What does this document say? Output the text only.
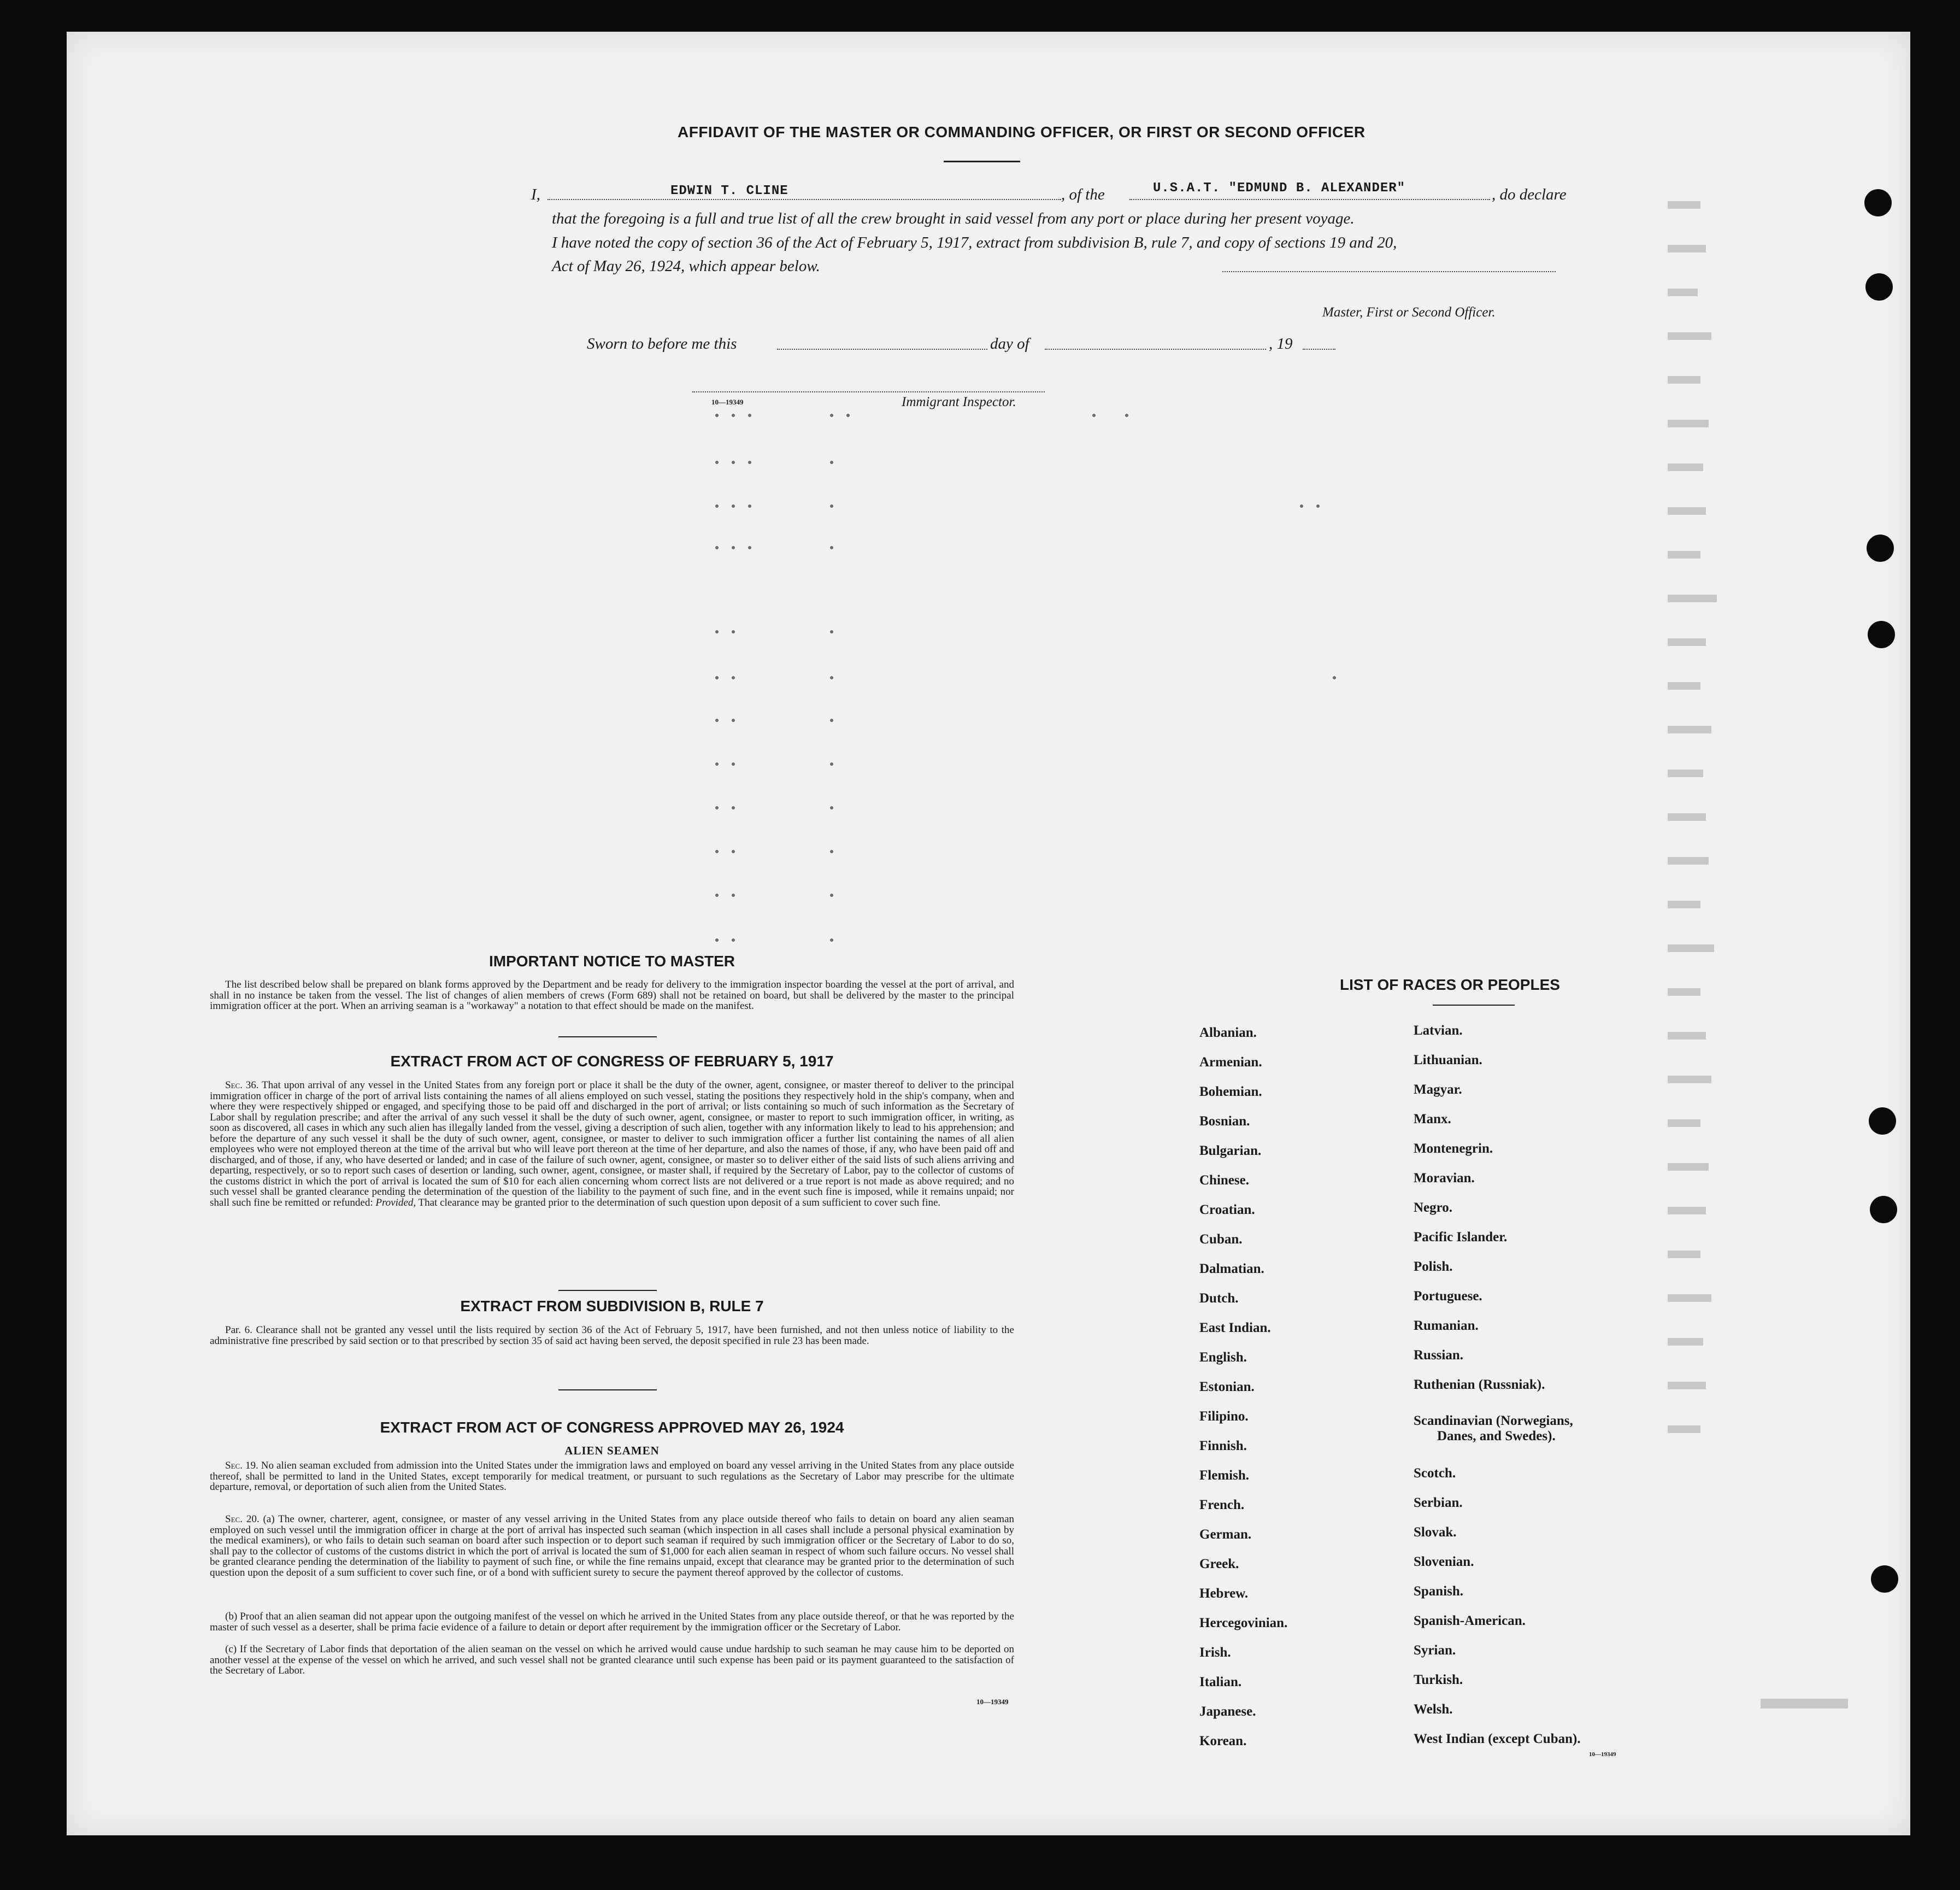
AFFIDAVIT OF THE MASTER OR COMMANDING OFFICER, OR FIRST OR SECOND OFFICER
I,	EDWIN T. CLINE	, of the	U.S.A.T. "EDMUND B. ALEXANDER"	, do declare
that the foregoing is a full and true list of all the crew brought in said vessel from any port or place during her present voyage.
I have noted the copy of section 36 of the Act of February 5, 1917, extract from subdivision B, rule 7, and copy of sections 19 and 20,
Act of May 26, 1924, which appear below.
Master, First or Second Officer.
Sworn to before me this	day of	, 19
10—19349	Immigrant Inspector.
IMPORTANT NOTICE TO MASTER
The list described below shall be prepared on blank forms approved by the Department and be ready for delivery to the immigration inspector boarding the vessel at the port of arrival, and shall in no instance be taken from the vessel. The list of changes of alien members of crews (Form 689) shall not be retained on board, but shall be delivered by the master to the principal immigration officer at the port. When an arriving seaman is a "workaway" a notation to that effect should be made on the manifest.
EXTRACT FROM ACT OF CONGRESS OF FEBRUARY 5, 1917
Sec. 36. That upon arrival of any vessel in the United States from any foreign port or place it shall be the duty of the owner, agent, consignee, or master thereof to deliver to the principal immigration officer in charge of the port of arrival lists containing the names of all aliens employed on such vessel, stating the positions they respectively hold in the ship's company, when and where they were respectively shipped or engaged, and specifying those to be paid off and discharged in the port of arrival; or lists containing so much of such information as the Secretary of Labor shall by regulation prescribe; and after the arrival of any such vessel it shall be the duty of such owner, agent, consignee, or master to report to such immigration officer, in writing, as soon as discovered, all cases in which any such alien has illegally landed from the vessel, giving a description of such alien, together with any information likely to lead to his apprehension; and before the departure of any such vessel it shall be the duty of such owner, agent, consignee, or master to deliver to such immigration officer a further list containing the names of all alien employees who were not employed thereon at the time of the arrival but who will leave port thereon at the time of her departure, and also the names of those, if any, who have been paid off and discharged, and of those, if any, who have deserted or landed; and in case of the failure of such owner, agent, consignee, or master so to deliver either of the said lists of such aliens arriving and departing, respectively, or so to report such cases of desertion or landing, such owner, agent, consignee, or master shall, if required by the Secretary of Labor, pay to the collector of customs of the customs district in which the port of arrival is located the sum of $10 for each alien concerning whom correct lists are not delivered or a true report is not made as above required; and no such vessel shall be granted clearance pending the determination of the question of the liability to the payment of such fine, and in the event such fine is imposed, while it remains unpaid; nor shall such fine be remitted or refunded: Provided, That clearance may be granted prior to the determination of such question upon deposit of a sum sufficient to cover such fine.
EXTRACT FROM SUBDIVISION B, RULE 7
Par. 6. Clearance shall not be granted any vessel until the lists required by section 36 of the Act of February 5, 1917, have been furnished, and not then unless notice of liability to the administrative fine prescribed by said section or to that prescribed by section 35 of said act having been served, the deposit specified in rule 23 has been made.
EXTRACT FROM ACT OF CONGRESS APPROVED MAY 26, 1924
ALIEN SEAMEN
Sec. 19. No alien seaman excluded from admission into the United States under the immigration laws and employed on board any vessel arriving in the United States from any place outside thereof, shall be permitted to land in the United States, except temporarily for medical treatment, or pursuant to such regulations as the Secretary of Labor may prescribe for the ultimate departure, removal, or deportation of such alien from the United States.
Sec. 20. (a) The owner, charterer, agent, consignee, or master of any vessel arriving in the United States from any place outside thereof who fails to detain on board any alien seaman employed on such vessel until the immigration officer in charge at the port of arrival has inspected such seaman (which inspection in all cases shall include a personal physical examination by the medical examiners), or who fails to detain such seaman on board after such inspection or to deport such seaman if required by such immigration officer or the Secretary of Labor to do so, shall pay to the collector of customs of the customs district in which the port of arrival is located the sum of $1,000 for each alien seaman in respect of whom such failure occurs. No vessel shall be granted clearance pending the determination of the liability to payment of such fine, or while the fine remains unpaid, except that clearance may be granted prior to the determination of such question upon the deposit of a sum sufficient to cover such fine, or of a bond with sufficient surety to secure the payment thereof approved by the collector of customs.
(b) Proof that an alien seaman did not appear upon the outgoing manifest of the vessel on which he arrived in the United States from any place outside thereof, or that he was reported by the master of such vessel as a deserter, shall be prima facie evidence of a failure to detain or deport after requirement by the immigration officer or the Secretary of Labor.
(c) If the Secretary of Labor finds that deportation of the alien seaman on the vessel on which he arrived would cause undue hardship to such seaman he may cause him to be deported on another vessel at the expense of the vessel on which he arrived, and such vessel shall not be granted clearance until such expense has been paid or its payment guaranteed to the satisfaction of the Secretary of Labor.
10—19349
LIST OF RACES OR PEOPLES
Albanian.
Armenian.
Bohemian.
Bosnian.
Bulgarian.
Chinese.
Croatian.
Cuban.
Dalmatian.
Dutch.
East Indian.
English.
Estonian.
Filipino.
Finnish.
Flemish.
French.
German.
Greek.
Hebrew.
Hercegovinian.
Irish.
Italian.
Japanese.
Korean.
Latvian.
Lithuanian.
Magyar.
Manx.
Montenegrin.
Moravian.
Negro.
Pacific Islander.
Polish.
Portuguese.
Rumanian.
Russian.
Ruthenian (Russniak).
Scandinavian (Norwegians,
Danes, and Swedes).
Scotch.
Serbian.
Slovak.
Slovenian.
Spanish.
Spanish-American.
Syrian.
Turkish.
Welsh.
West Indian (except Cuban).
10—19349
